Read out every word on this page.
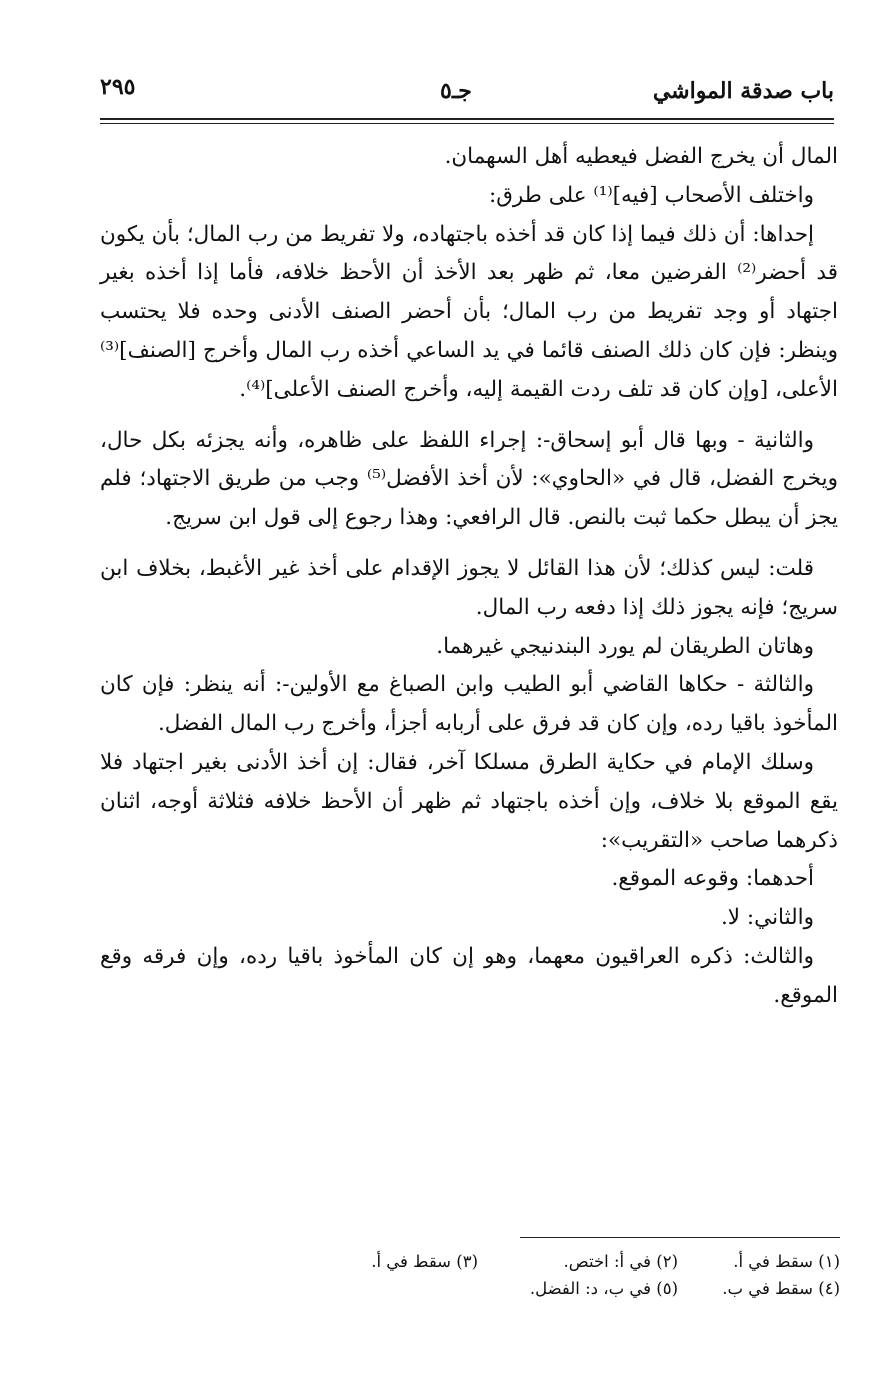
باب صدقة المواشي
جـ٥
٢٩٥

المال أن يخرج الفضل فيعطيه أهل السهمان.

واختلف الأصحاب [فيه]⁽¹⁾ على طرق:

إحداها: أن ذلك فيما إذا كان قد أخذه باجتهاده، ولا تفريط من رب المال؛ بأن يكون قد أحضر⁽²⁾ الفرضين معا، ثم ظهر بعد الأخذ أن الأحظ خلافه، فأما إذا أخذه بغير اجتهاد أو وجد تفريط من رب المال؛ بأن أحضر الصنف الأدنى وحده فلا يحتسب وينظر: فإن كان ذلك الصنف قائما في يد الساعي أخذه رب المال وأخرج [الصنف]⁽³⁾ الأعلى، [وإن كان قد تلف ردت القيمة إليه، وأخرج الصنف الأعلى]⁽⁴⁾.

والثانية - وبها قال أبو إسحاق-: إجراء اللفظ على ظاهره، وأنه يجزئه بكل حال، ويخرج الفضل، قال في «الحاوي»: لأن أخذ الأفضل⁽⁵⁾ وجب من طريق الاجتهاد؛ فلم يجز أن يبطل حكما ثبت بالنص. قال الرافعي: وهذا رجوع إلى قول ابن سريج.

قلت: ليس كذلك؛ لأن هذا القائل لا يجوز الإقدام على أخذ غير الأغبط، بخلاف ابن سريج؛ فإنه يجوز ذلك إذا دفعه رب المال.

وهاتان الطريقان لم يورد البندنيجي غيرهما.

والثالثة - حكاها القاضي أبو الطيب وابن الصباغ مع الأولين-: أنه ينظر: فإن كان المأخوذ باقيا رده، وإن كان قد فرق على أربابه أجزأ، وأخرج رب المال الفضل.

وسلك الإمام في حكاية الطرق مسلكا آخر، فقال: إن أخذ الأدنى بغير اجتهاد فلا يقع الموقع بلا خلاف، وإن أخذه باجتهاد ثم ظهر أن الأحظ خلافه فثلاثة أوجه، اثنان ذكرهما صاحب «التقريب»:

أحدهما: وقوعه الموقع.

والثاني: لا.

والثالث: ذكره العراقيون معهما، وهو إن كان المأخوذ باقيا رده، وإن فرقه وقع الموقع.

(١) سقط في أ.
(٢) في أ: اختص.
(٣) سقط في أ.
(٤) سقط في ب.
(٥) في ب، د: الفضل.
